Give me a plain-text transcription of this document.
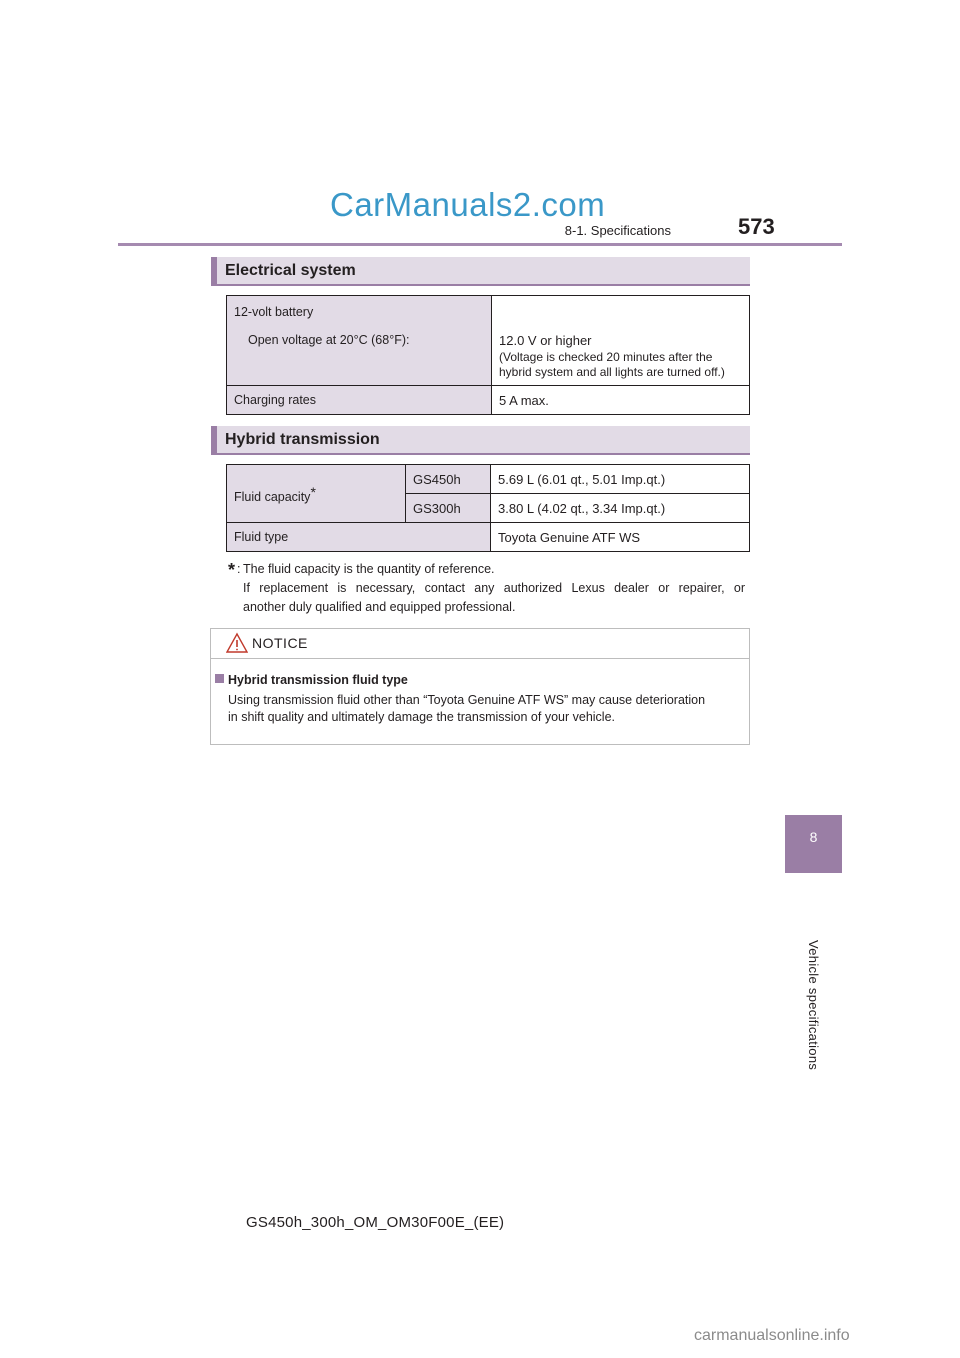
CarManuals2.com
8-1. Specifications	573
8
Vehicle specifications
Electrical system
12-volt battery
Open voltage at 20°C (68°F):	12.0 V or higher
(Voltage is checked 20 minutes after the
hybrid system and all lights are turned off.)

Charging rates	5 A max.
Hybrid transmission
Fluid capacity*	GS450h	5.69 L (6.01 qt., 5.01 Imp.qt.)
	GS300h	3.80 L (4.02 qt., 3.34 Imp.qt.)
Fluid type		Toyota Genuine ATF WS
* : The fluid capacity is the quantity of reference.
If replacement is necessary, contact any authorized Lexus dealer or repairer, or
another duly qualified and equipped professional.
NOTICE
Hybrid transmission fluid type
Using transmission fluid other than “Toyota Genuine ATF WS” may cause deterioration
in shift quality and ultimately damage the transmission of your vehicle.
GS450h_300h_OM_OM30F00E_(EE)
carmanualsonline.info
